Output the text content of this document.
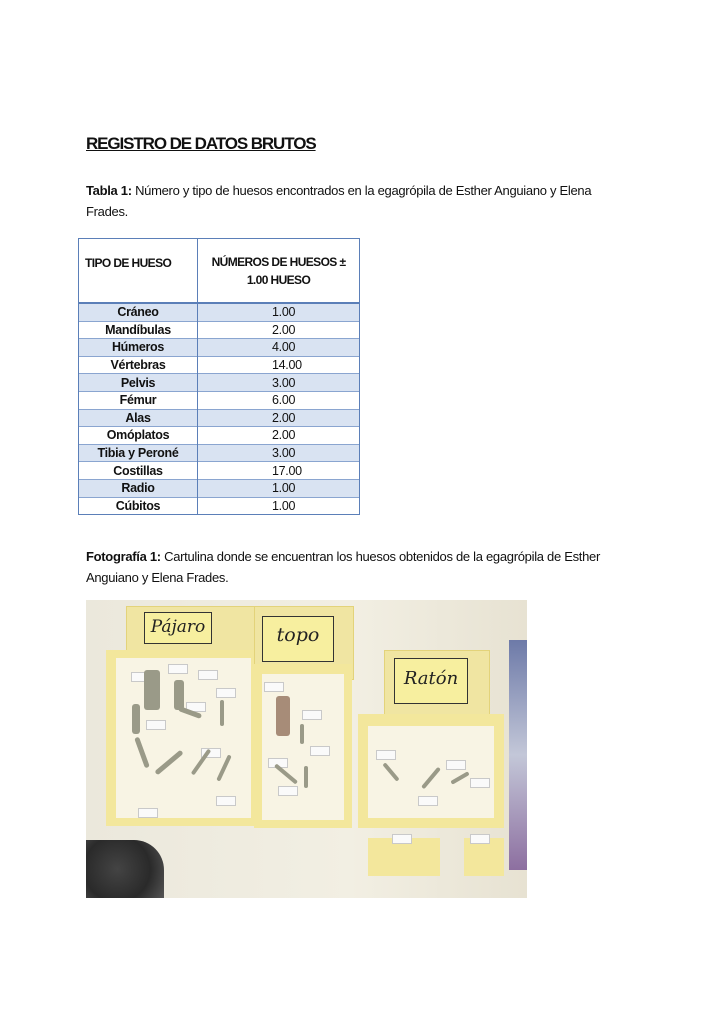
REGISTRO DE DATOS BRUTOS

Tabla 1: Número y tipo de huesos encontrados en la egagrópila de Esther Anguiano y Elena Frades.

TIPO DE HUESO	NÚMEROS DE HUESOS ± 1.00 HUESO
Cráneo	1.00
Mandíbulas	2.00
Húmeros	4.00
Vértebras	14.00
Pelvis	3.00
Fémur	6.00
Alas	2.00
Omóplatos	2.00
Tibia y Peroné	3.00
Costillas	17.00
Radio	1.00
Cúbitos	1.00

Fotografía 1: Cartulina donde se encuentran los huesos obtenidos de la egagrópila de Esther Anguiano y Elena Frades.

Pájaro	topo
Ratón
